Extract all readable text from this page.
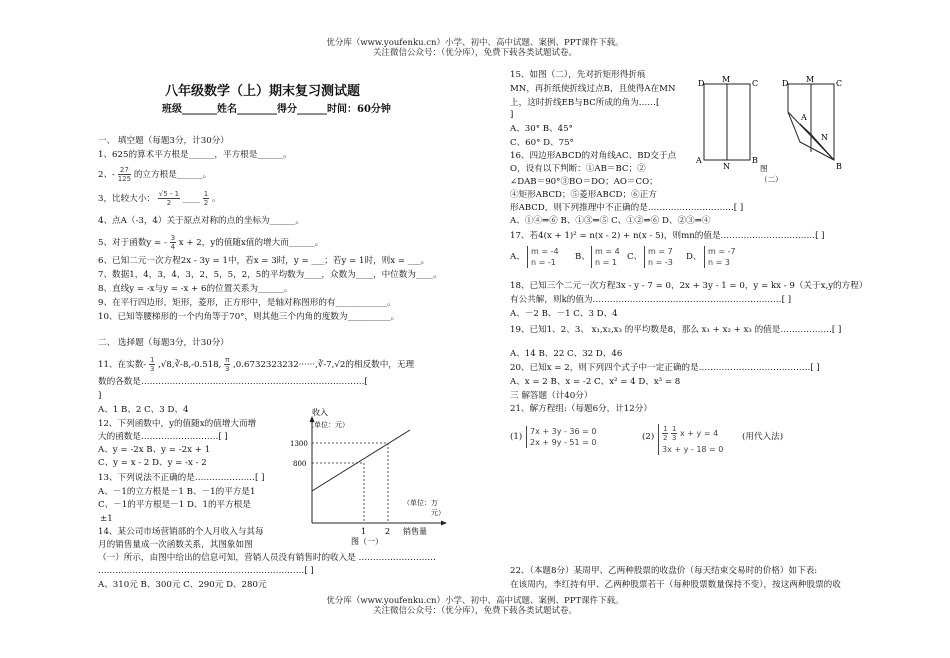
优分库（www.youfenku.cn）小学、初中、高中试题、案例、PPT课件下载。
关注微信公众号：（优分库），免费下载各类试题试卷。
八年级数学（上）期末复习测试题
班级_______姓名________得分______时间：60分钟
一、 填空题（每题3分，计30分）
1、625的算术平方根是______，平方根是______。
2、- $\frac{27}{125}$ 的立方根是______。
3，比较大小： $\frac{√5 - 1}{2}$ ____ $\frac{1}{2}$ 。
4、点A（-3，4）关于原点对称的点的坐标为______。
5、对于函数y = - $\frac{3}{4}$ x + 2，y的值随x值的增大而______。
6、已知二元一次方程2x - 3y = 1中，若x = 3时，y = ___；若y = 1时，则x = ___。
7、数据1，4，3，4，3，2，5，5，2，5的平均数为____，众数为____，中位数为____。
8、直线y = -x与y = -x + 6的位置关系为______。
9、在平行四边形，矩形，菱形，正方形中，是轴对称图形的有____________。
10、已知等腰梯形的一个内角等于70°，则其他三个内角的度数为__________。
二、 选择题（每题3分，计30分）
11、在实数- $\frac{1}{3}$ ,√8,∛-8,-0.518, $\frac{\pi}{3}$ ,0.6732323232······,∛-7,√2的相反数中，无理
数的各数是……………………………………………………………………[
]
A、1 B、2 C、3 D、4
12、下列函数中，y的值随x的值增大而增
大的函数是………………………[ ]
A、y = -2x B、y = -2x + 1
C、y = x - 2 D、y = -x - 2
13、下列说法不正确的是…………………[ ]
A、－1的立方根是－1 B、－1的平方是1
C、－1的平方根是－1 D、1的平方根是
±1
14、某公司市场营销部的个人月收入与其每
月的销售量成一次函数关系，其图象如图
（一）所示，由图中给出的信息可知，营销人员没有销售时的收入是 ………………………
………………………………………………………………[ ]
A、310元 B、300元 C、290元 D、280元
收入
（单位：元）
1300
800
1 2
（单位：万
元）
销售量
图（一）
15、如图（二），先对折矩形得折痕
MN，再折纸使折线过点B，且使得A在MN
上，这时折线EB与BC所成的角为……[
]
A、30° B、45°
C、60° D、75°
16、四边形ABCD的对角线AC、BD交于点
O，设有以下判断：①AB＝BC；②
∠DAB＝90°③BO＝DO；AO＝CO；
④矩形ABCD；⑤菱形ABCD；⑥正方
形ABCD，则下列推理中不正确的是…………………………[ ]
A、①④⇒⑥ B、①③⇒⑤ C、①②⇒⑥ D、②③⇒④
17、若4(x + 1)² = n(x - 2) + n(x - 5)，则mn的值是……………………………[ ]
A、
m = -4
n = -1
B、
m = 4
n = 1
C、
m = 7
n = -3
D、
m = -7
n = 3
18、已知三个二元一次方程3x - y - 7 = 0，2x + 3y - 1 = 0，y = kx - 9（关于x,y的方程）
有公共解，则k的值为…………………………………………………………[ ]
A、－2 B、－1 C、3 D、4
19、已知1、2、3、 x₁,x₂,x₃ 的平均数是8，那么 x₁ + x₂ + x₃ 的值是………………[ ]
A、14 B、22 C、32 D、46
20、已知x = 2，则下列四个式子中一定正确的是…………………………………[ ]
A、x = 2 B、x = -2 C、x² = 4 D、x³ = 8
三 解答题（计40分）
21、解方程组:（每题6分，计12分）
(1)
7x + 3y - 36 = 0
2x + 9y - 51 = 0
$(2) \frac{1}{2}$
$\frac{1}{3}$ x + y = 4
3x + y - 18 = 0
(用代入法)
22、（本题8分）某周甲、乙两种股票的收盘价（每天结束交易时的价格）如下表:
在该周内，李红持有甲、乙两种股票若干（每种股票数量保持不变），按这两种股票的收
D M	C
A
N
B
D M	C
A
N
B
图
（二）
优分库（www.youfenku.cn）小学、初中、高中试题、案例、PPT课件下载。
关注微信公众号：（优分库），免费下载各类试题试卷。
